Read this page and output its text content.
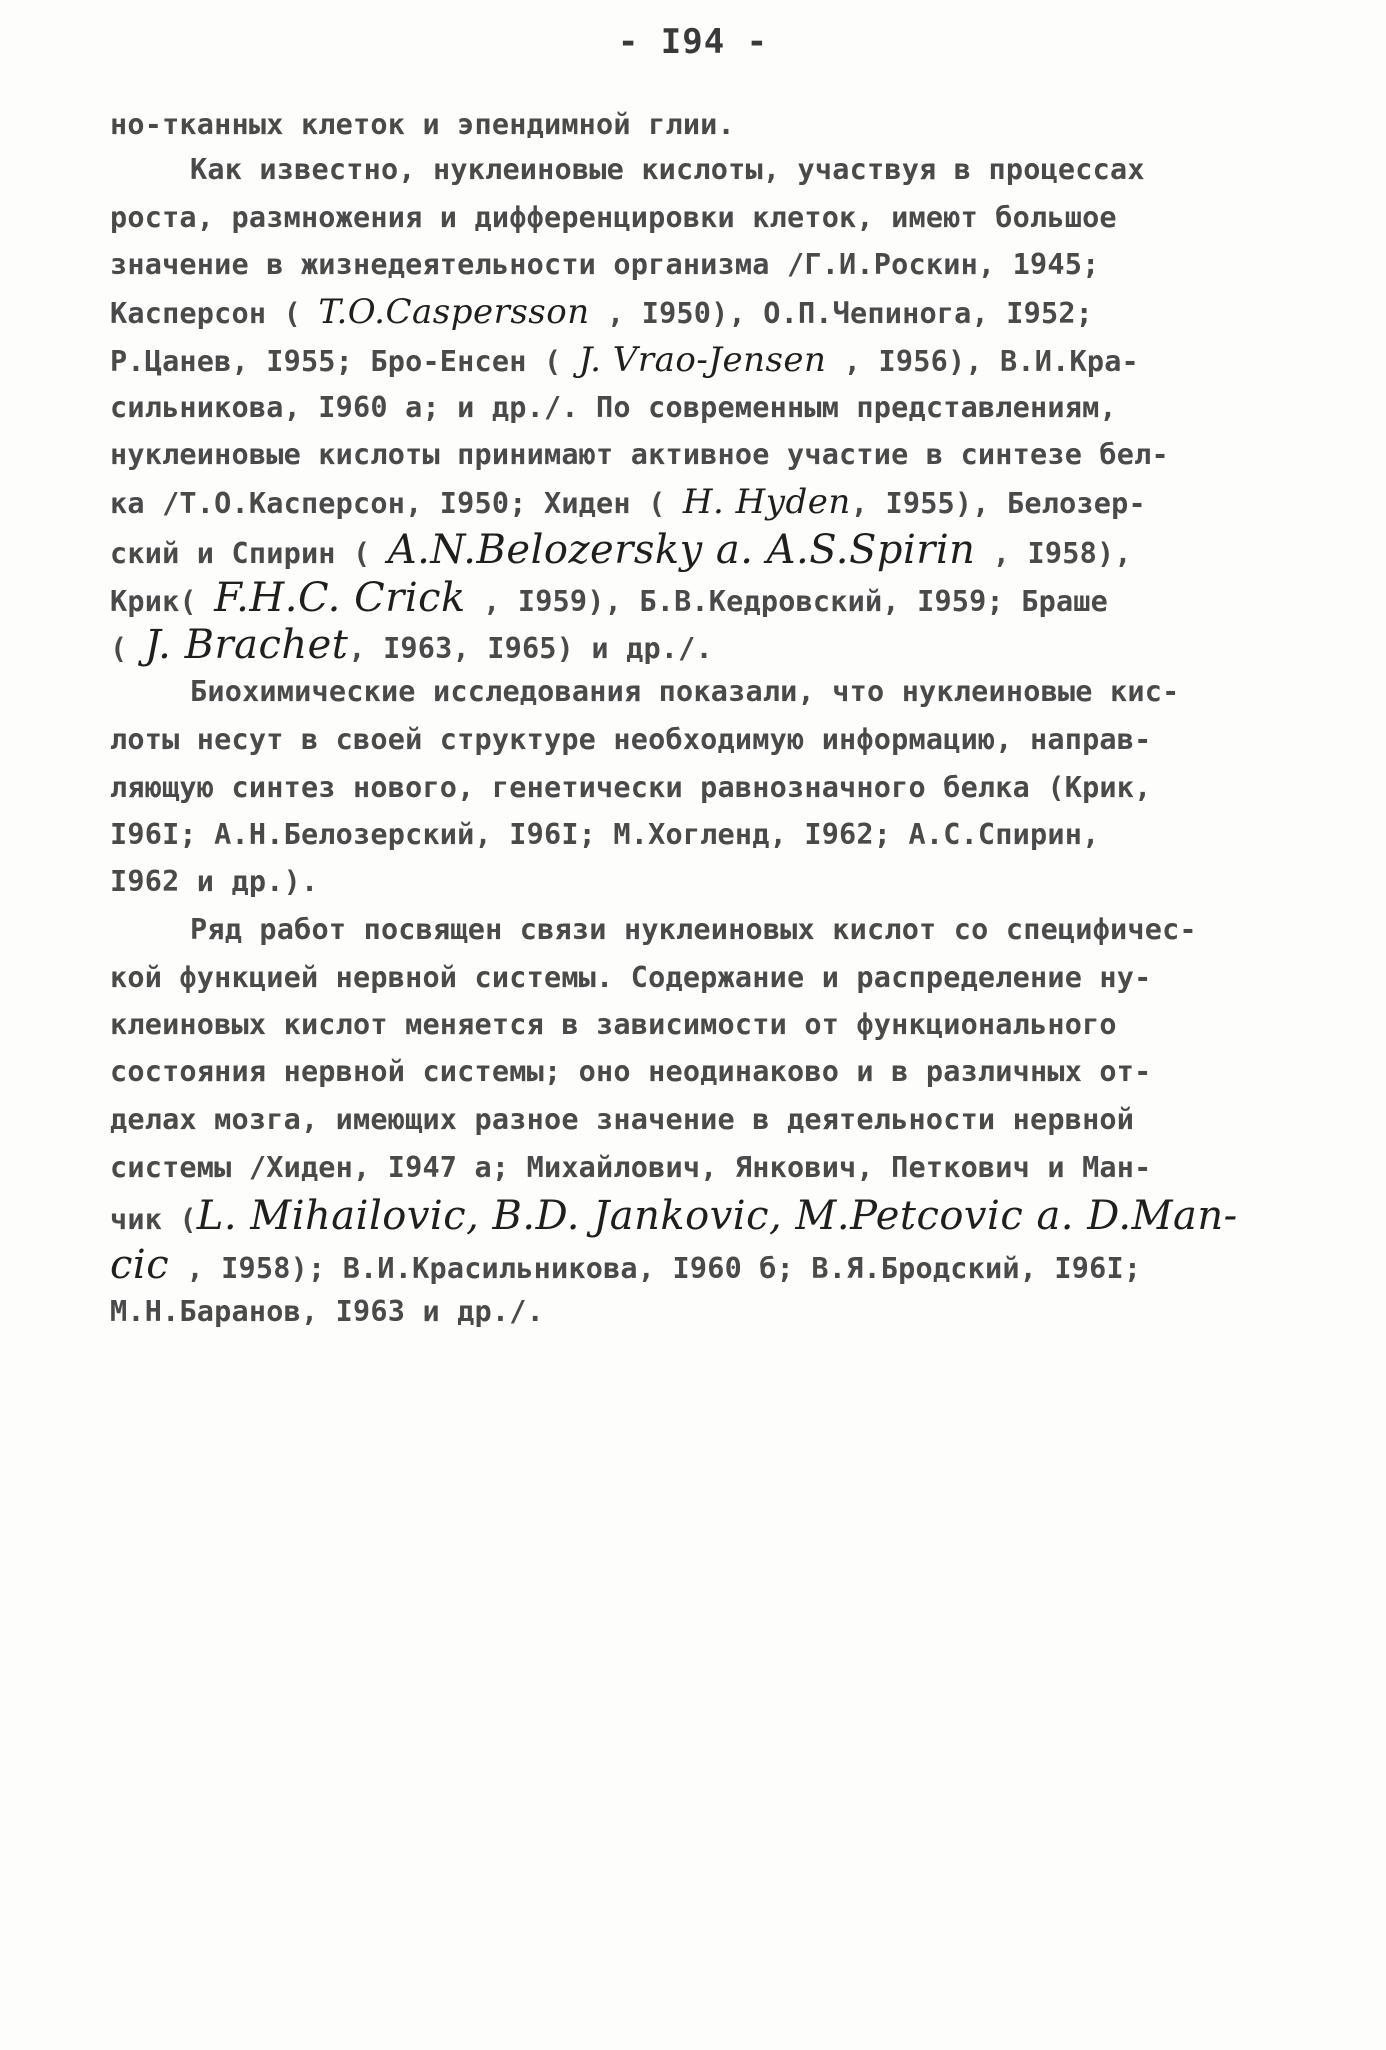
- I94 -
но-тканных клеток и эпендимной глии.
Как известно, нуклеиновые кислоты, участвуя в процессах
роста, размножения и дифференцировки клеток, имеют большое
значение в жизнедеятельности организма /Г.И.Роскин, 1945;
Касперсон ( T.O.Caspersson , I950), О.П.Чепинога, I952;
Р.Цанев, I955; Бро-Енсен ( J. Vrao-Jensen , I956), В.И.Кра-
сильникова, I960 а; и др./. По современным представлениям,
нуклеиновые кислоты принимают активное участие в синтезе бел-
ка /Т.О.Касперсон, I950; Хиден ( H. Hyden, I955), Белозер-
ский и Спирин ( A.N.Belozersky a. A.S.Spirin , I958),
Крик( F.H.C. Crick , I959), Б.В.Кедровский, I959; Браше
( J. Brachet, I963, I965) и др./.
Биохимические исследования показали, что нуклеиновые кис-
лоты несут в своей структуре необходимую информацию, направ-
ляющую синтез нового, генетически равнозначного белка (Крик,
I96I; А.Н.Белозерский, I96I; М.Хогленд, I962; А.С.Спирин,
I962 и др.).
Ряд работ посвящен связи нуклеиновых кислот со специфичес-
кой функцией нервной системы. Содержание и распределение ну-
клеиновых кислот меняется в зависимости от функционального
состояния нервной системы; оно неодинаково и в различных от-
делах мозга, имеющих разное значение в деятельности нервной
системы /Хиден, I947 а; Михайлович, Янкович, Петкович и Ман-
чик (L. Mihailovic, B.D. Jankovic, M.Petcovic a. D.Man-
cic , I958); В.И.Красильникова, I960 б; В.Я.Бродский, I96I;
М.Н.Баранов, I963 и др./.
